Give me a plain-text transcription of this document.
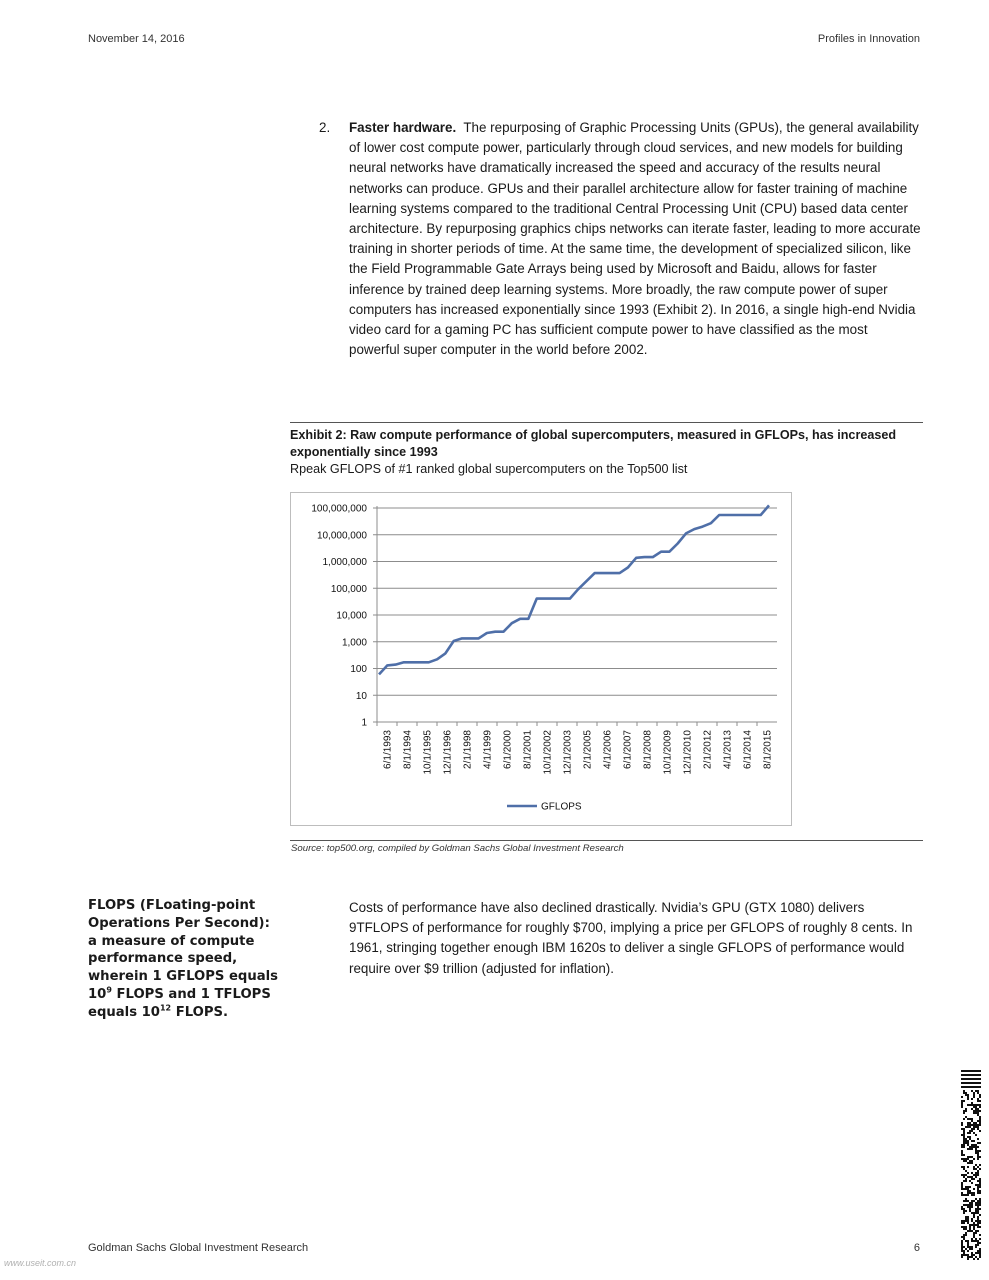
November 14, 2016	Profiles in Innovation
2. Faster hardware. The repurposing of Graphic Processing Units (GPUs), the general availability of lower cost compute power, particularly through cloud services, and new models for building neural networks have dramatically increased the speed and accuracy of the results neural networks can produce. GPUs and their parallel architecture allow for faster training of machine learning systems compared to the traditional Central Processing Unit (CPU) based data center architecture. By repurposing graphics chips networks can iterate faster, leading to more accurate training in shorter periods of time. At the same time, the development of specialized silicon, like the Field Programmable Gate Arrays being used by Microsoft and Baidu, allows for faster inference by trained deep learning systems. More broadly, the raw compute power of super computers has increased exponentially since 1993 (Exhibit 2). In 2016, a single high-end Nvidia video card for a gaming PC has sufficient compute power to have classified as the most powerful super computer in the world before 2002.
Exhibit 2: Raw compute performance of global supercomputers, measured in GFLOPs, has increased exponentially since 1993
Rpeak GFLOPS of #1 ranked global supercomputers on the Top500 list
1
10
100
1,000
10,000
100,000
1,000,000
10,000,000
100,000,000
6/1/1993 8/1/1994 10/1/1995 12/1/1996 2/1/1998 4/1/1999 6/1/2000 8/1/2001 10/1/2002 12/1/2003 2/1/2005 4/1/2006 6/1/2007 8/1/2008 10/1/2009 12/1/2010 2/1/2012 4/1/2013 6/1/2014 8/1/2015
GFLOPS
Source: top500.org, compiled by Goldman Sachs Global Investment Research
FLOPS (FLoating-point Operations Per Second): a measure of compute performance speed, wherein 1 GFLOPS equals $10^9$ FLOPS and 1 TFLOPS equals $10^{12}$ FLOPS.
Costs of performance have also declined drastically. Nvidia’s GPU (GTX 1080) delivers 9TFLOPS of performance for roughly $700, implying a price per GFLOPS of roughly 8 cents. In 1961, stringing together enough IBM 1620s to deliver a single GFLOPS of performance would require over $9 trillion (adjusted for inflation).
Goldman Sachs Global Investment Research	6
www.useit.com.cn
